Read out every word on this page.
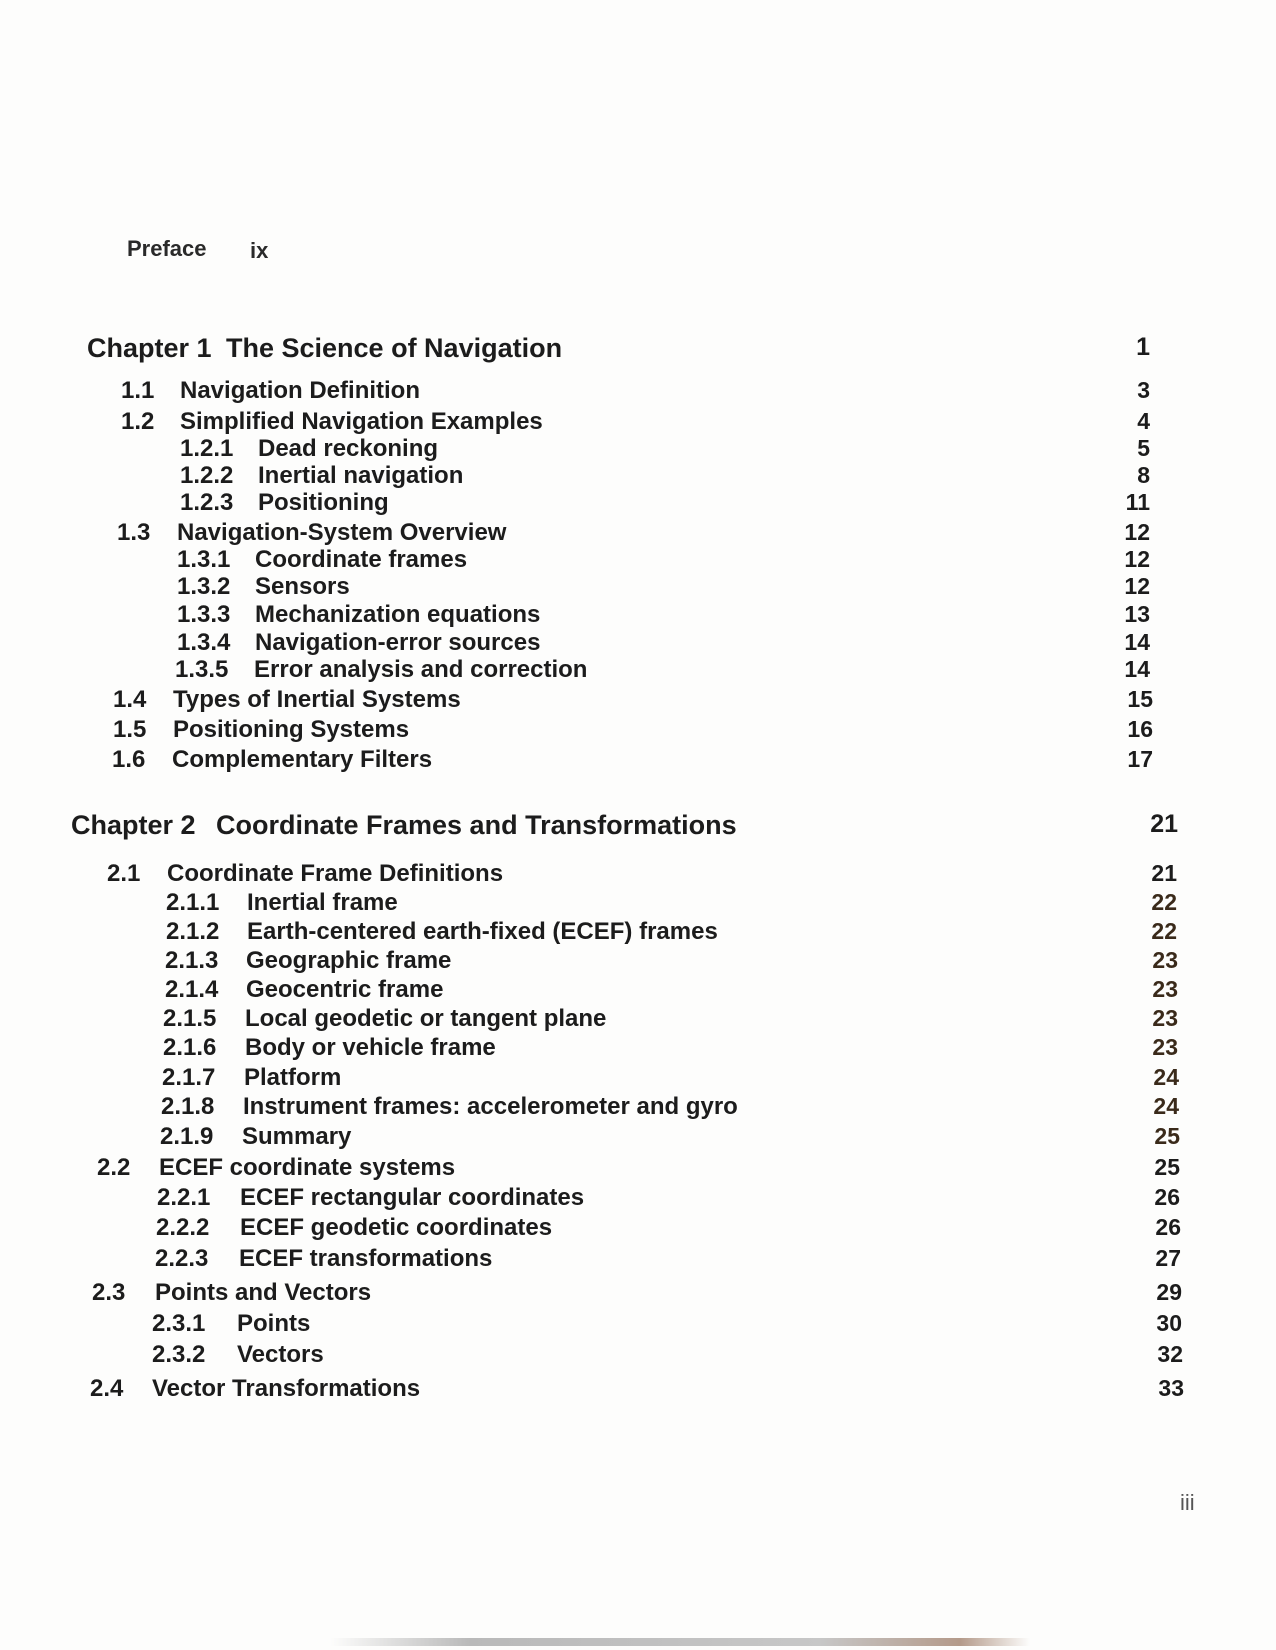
Preface ix
Chapter 1 The Science of Navigation	1
1.1 Navigation Definition	3
1.2 Simplified Navigation Examples	4
1.2.1 Dead reckoning	5
1.2.2 Inertial navigation	8
1.2.3 Positioning	11
1.3 Navigation-System Overview	12
1.3.1 Coordinate frames	12
1.3.2 Sensors	12
1.3.3 Mechanization equations	13
1.3.4 Navigation-error sources	14
1.3.5 Error analysis and correction	14
1.4 Types of Inertial Systems	15
1.5 Positioning Systems	16
1.6 Complementary Filters	17
Chapter 2 Coordinate Frames and Transformations	21
2.1 Coordinate Frame Definitions	21
2.1.1 Inertial frame	22
2.1.2 Earth-centered earth-fixed (ECEF) frames	22
2.1.3 Geographic frame	23
2.1.4 Geocentric frame	23
2.1.5 Local geodetic or tangent plane	23
2.1.6 Body or vehicle frame	23
2.1.7 Platform	24
2.1.8 Instrument frames: accelerometer and gyro	24
2.1.9 Summary	25
2.2 ECEF coordinate systems	25
2.2.1 ECEF rectangular coordinates	26
2.2.2 ECEF geodetic coordinates	26
2.2.3 ECEF transformations	27
2.3 Points and Vectors	29
2.3.1 Points	30
2.3.2 Vectors	32
2.4 Vector Transformations	33
iii
